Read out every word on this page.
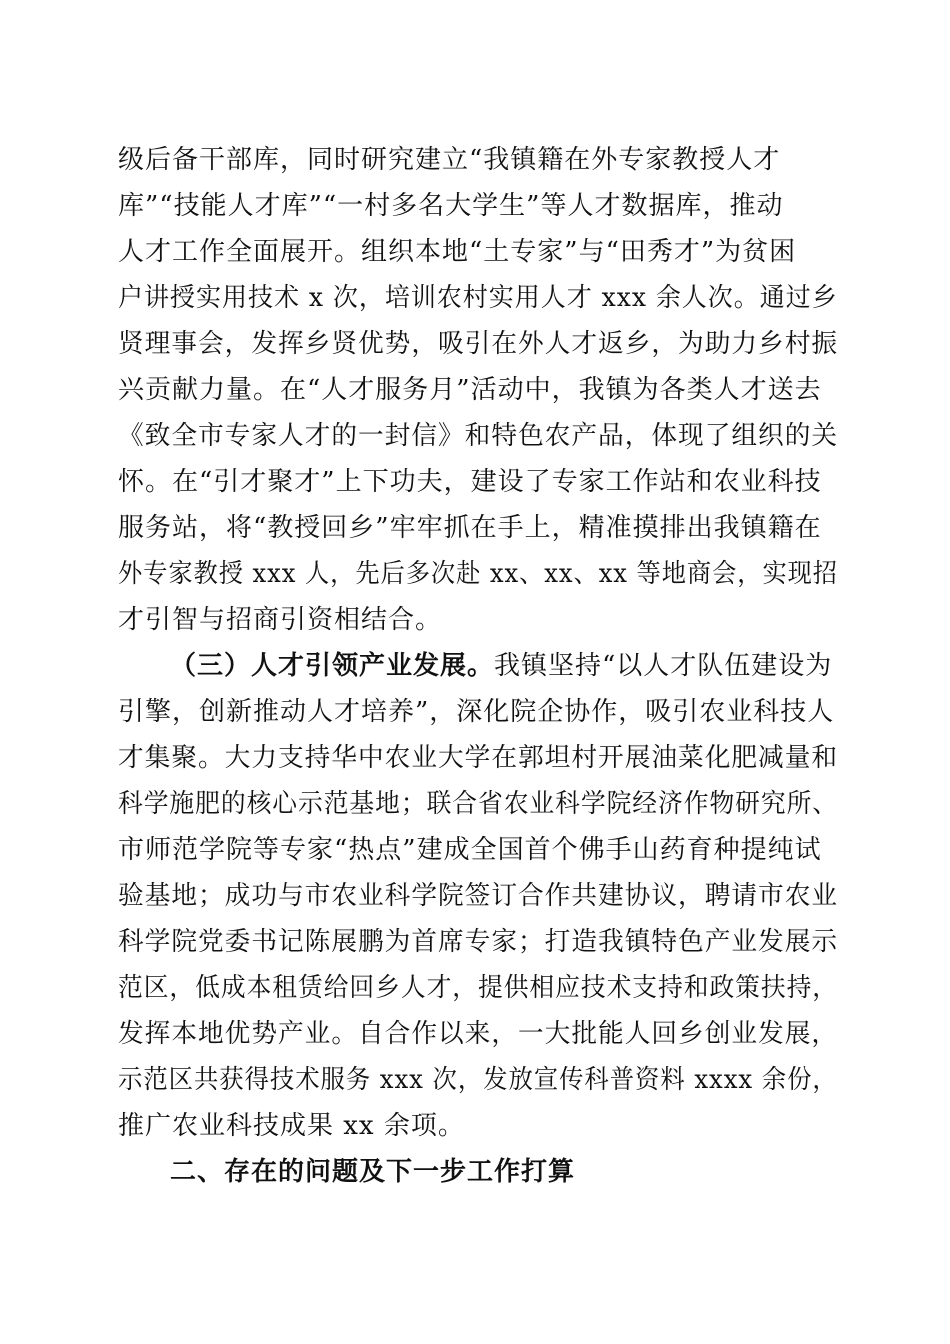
级后备干部库，同时研究建立“我镇籍在外专家教授人才
库”“技能人才库”“一村多名大学生”等人才数据库，推动
人才工作全面展开。组织本地“土专家”与“田秀才”为贫困
户讲授实用技术 x 次，培训农村实用人才 xxx 余人次。通过乡
贤理事会，发挥乡贤优势，吸引在外人才返乡，为助力乡村振
兴贡献力量。在“人才服务月”活动中，我镇为各类人才送去
《致全市专家人才的一封信》和特色农产品，体现了组织的关
怀。在“引才聚才”上下功夫，建设了专家工作站和农业科技
服务站，将“教授回乡”牢牢抓在手上，精准摸排出我镇籍在
外专家教授 xxx 人，先后多次赴 xx、xx、xx 等地商会，实现招
才引智与招商引资相结合。
（三）人才引领产业发展。我镇坚持“以人才队伍建设为
引擎，创新推动人才培养”，深化院企协作，吸引农业科技人
才集聚。大力支持华中农业大学在郭坦村开展油菜化肥减量和
科学施肥的核心示范基地；联合省农业科学院经济作物研究所、
市师范学院等专家“热点”建成全国首个佛手山药育种提纯试
验基地；成功与市农业科学院签订合作共建协议，聘请市农业
科学院党委书记陈展鹏为首席专家；打造我镇特色产业发展示
范区，低成本租赁给回乡人才，提供相应技术支持和政策扶持，
发挥本地优势产业。自合作以来，一大批能人回乡创业发展，
示范区共获得技术服务 xxx 次，发放宣传科普资料 xxxx 余份，
推广农业科技成果 xx 余项。
二、存在的问题及下一步工作打算
